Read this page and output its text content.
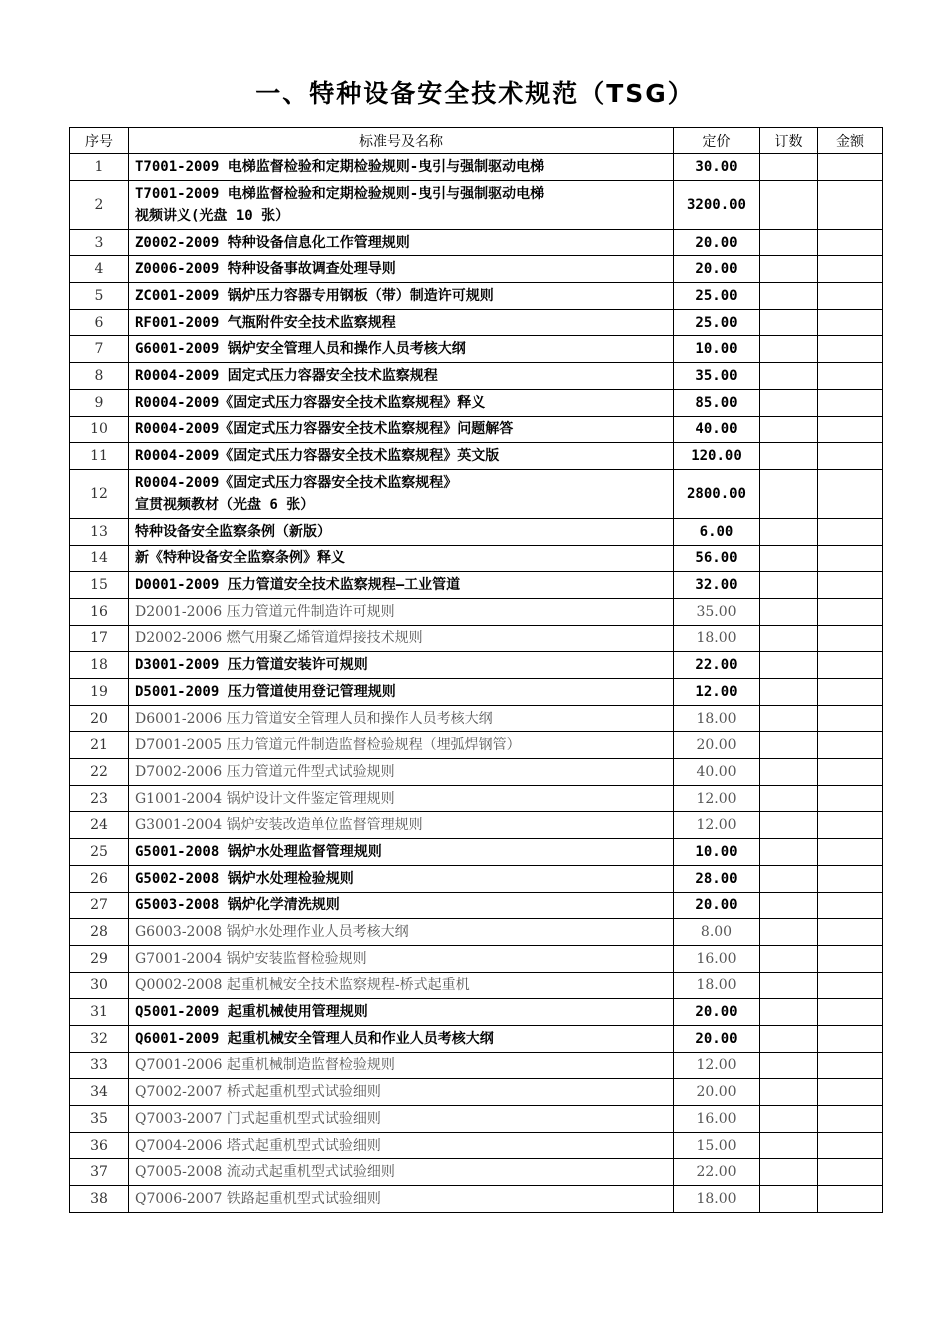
一、特种设备安全技术规范（TSG）
序号	标准号及名称	定价	订数	金额
1	T7001-2009 电梯监督检验和定期检验规则-曳引与强制驱动电梯	30.00		
2	T7001-2009 电梯监督检验和定期检验规则-曳引与强制驱动电梯
视频讲义(光盘 10 张）	3200.00		
3	Z0002-2009 特种设备信息化工作管理规则	20.00		
4	Z0006-2009 特种设备事故调查处理导则	20.00		
5	ZC001-2009 锅炉压力容器专用钢板（带）制造许可规则	25.00		
6	RF001-2009 气瓶附件安全技术监察规程	25.00		
7	G6001-2009 锅炉安全管理人员和操作人员考核大纲	10.00		
8	R0004-2009 固定式压力容器安全技术监察规程	35.00		
9	R0004-2009《固定式压力容器安全技术监察规程》释义	85.00		
10	R0004-2009《固定式压力容器安全技术监察规程》问题解答	40.00		
11	R0004-2009《固定式压力容器安全技术监察规程》英文版	120.00		
12	R0004-2009《固定式压力容器安全技术监察规程》
宣贯视频教材（光盘 6 张）	2800.00		
13	特种设备安全监察条例（新版）	6.00		
14	新《特种设备安全监察条例》释义	56.00		
15	D0001-2009 压力管道安全技术监察规程—工业管道	32.00		
16	D2001-2006 压力管道元件制造许可规则	35.00		
17	D2002-2006 燃气用聚乙烯管道焊接技术规则	18.00		
18	D3001-2009 压力管道安装许可规则	22.00		
19	D5001-2009 压力管道使用登记管理规则	12.00		
20	D6001-2006 压力管道安全管理人员和操作人员考核大纲	18.00		
21	D7001-2005 压力管道元件制造监督检验规程（埋弧焊钢管）	20.00		
22	D7002-2006 压力管道元件型式试验规则	40.00		
23	G1001-2004 锅炉设计文件鉴定管理规则	12.00		
24	G3001-2004 锅炉安装改造单位监督管理规则	12.00		
25	G5001-2008 锅炉水处理监督管理规则	10.00		
26	G5002-2008 锅炉水处理检验规则	28.00		
27	G5003-2008 锅炉化学清洗规则	20.00		
28	G6003-2008 锅炉水处理作业人员考核大纲	8.00		
29	G7001-2004 锅炉安装监督检验规则	16.00		
30	Q0002-2008 起重机械安全技术监察规程-桥式起重机	18.00		
31	Q5001-2009 起重机械使用管理规则	20.00		
32	Q6001-2009 起重机械安全管理人员和作业人员考核大纲	20.00		
33	Q7001-2006 起重机械制造监督检验规则	12.00		
34	Q7002-2007 桥式起重机型式试验细则	20.00		
35	Q7003-2007 门式起重机型式试验细则	16.00		
36	Q7004-2006 塔式起重机型式试验细则	15.00		
37	Q7005-2008 流动式起重机型式试验细则	22.00		
38	Q7006-2007 铁路起重机型式试验细则	18.00		
